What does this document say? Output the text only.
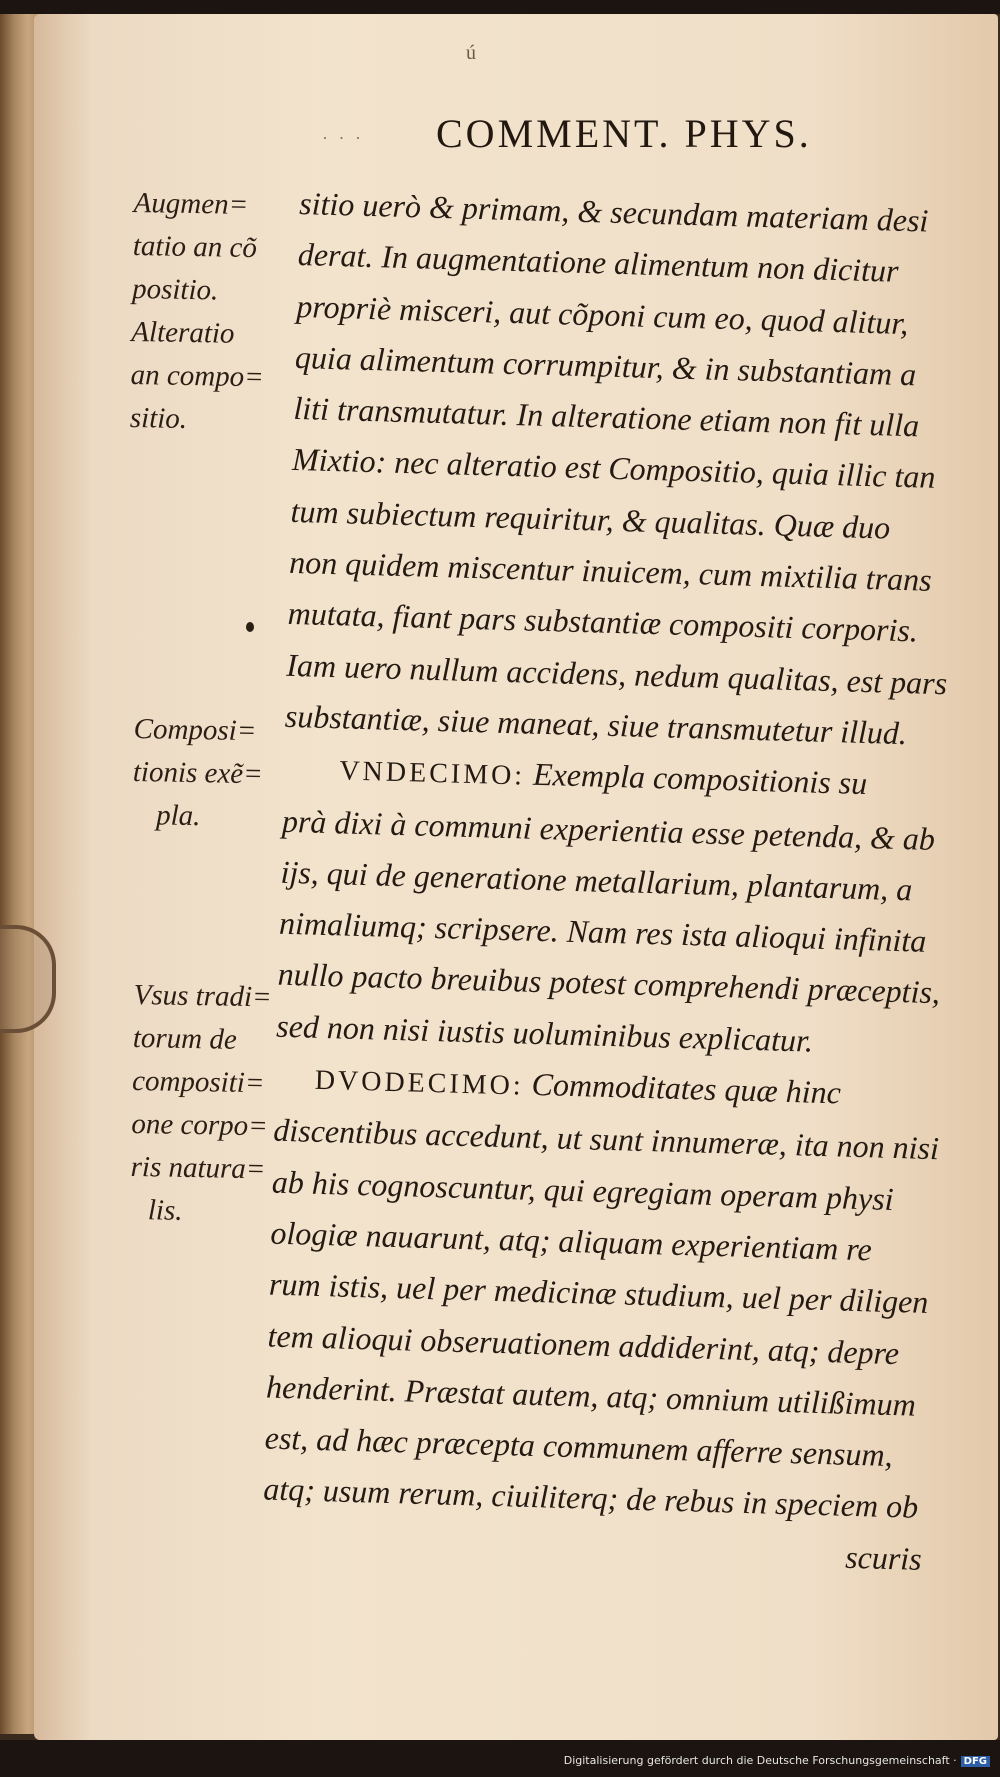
ú
· · · COMMENT. PHYS.
Augmen=
tatio an cõ
positio.
Alteratio
an compo=
sitio.
Composi=
tionis exẽ=
pla.
Vsus tradi=
torum de
compositi=
one corpo=
ris natura=
lis.
sitio uerò & primam, & secundam materiam desi
derat. In augmentatione alimentum non dicitur
propriè misceri, aut cõponi cum eo, quod alitur,
quia alimentum corrumpitur, & in substantiam a
liti transmutatur. In alteratione etiam non fit ulla
Mixtio: nec alteratio est Compositio, quia illic tan
tum subiectum requiritur, & qualitas. Quæ duo
non quidem miscentur inuicem, cum mixtilia trans
mutata, fiant pars substantiæ compositi corporis.
Iam uero nullum accidens, nedum qualitas, est pars
substantiæ, siue maneat, siue transmutetur illud.
VNDECIMO: Exempla compositionis su
prà dixi à communi experientia esse petenda, & ab
ijs, qui de generatione metallarium, plantarum, a
nimaliumq; scripsere. Nam res ista alioqui infinita
nullo pacto breuibus potest comprehendi præceptis,
sed non nisi iustis uoluminibus explicatur.
DVODECIMO: Commoditates quæ hinc
discentibus accedunt, ut sunt innumeræ, ita non nisi
ab his cognoscuntur, qui egregiam operam physi
ologiæ nauarunt, atq; aliquam experientiam re
rum istis, uel per medicinæ studium, uel per diligen
tem alioqui obseruationem addiderint, atq; depre
henderint. Præstat autem, atq; omnium utilißimum
est, ad hæc præcepta communem afferre sensum,
atq; usum rerum, ciuiliterq; de rebus in speciem ob
scuris
Digitalisierung gefördert durch die Deutsche Forschungsgemeinschaft · DFG
